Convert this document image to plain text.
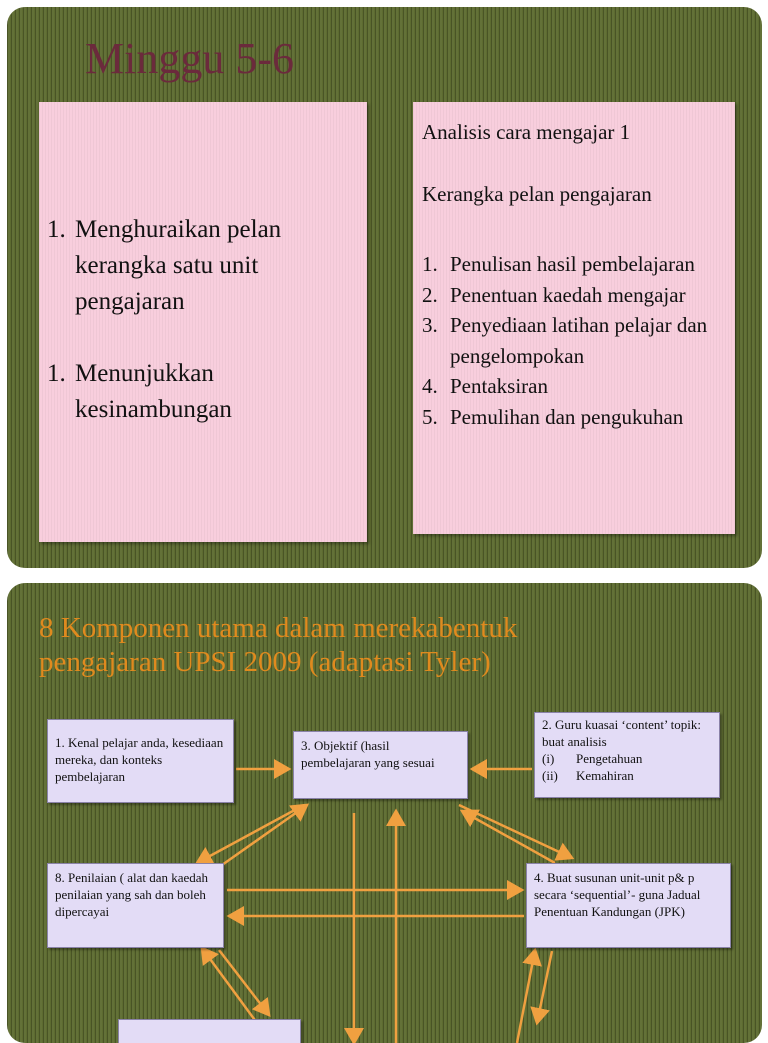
Minggu 5-6
1. Menghuraikan pelan kerangka satu unit pengajaran
1. Menunjukkan kesinambungan
Analisis cara mengajar 1
Kerangka pelan pengajaran
1. Penulisan hasil pembelajaran
2. Penentuan kaedah mengajar
3. Penyediaan latihan pelajar dan pengelompokan
4. Pentaksiran
5. Pemulihan dan pengukuhan
8 Komponen utama dalam merekabentuk pengajaran UPSI 2009 (adaptasi Tyler)
1. Kenal pelajar anda, kesediaan mereka, dan konteks pembelajaran
3. Objektif (hasil pembelajaran yang sesuai
2. Guru kuasai ‘content’ topik: buat analisis
(i)	Pengetahuan
(ii)	Kemahiran
8. Penilaian ( alat dan kaedah penilaian yang sah dan boleh dipercayai
4. Buat susunan unit-unit p& p secara ‘sequential’- guna Jadual Penentuan Kandungan (JPK)
